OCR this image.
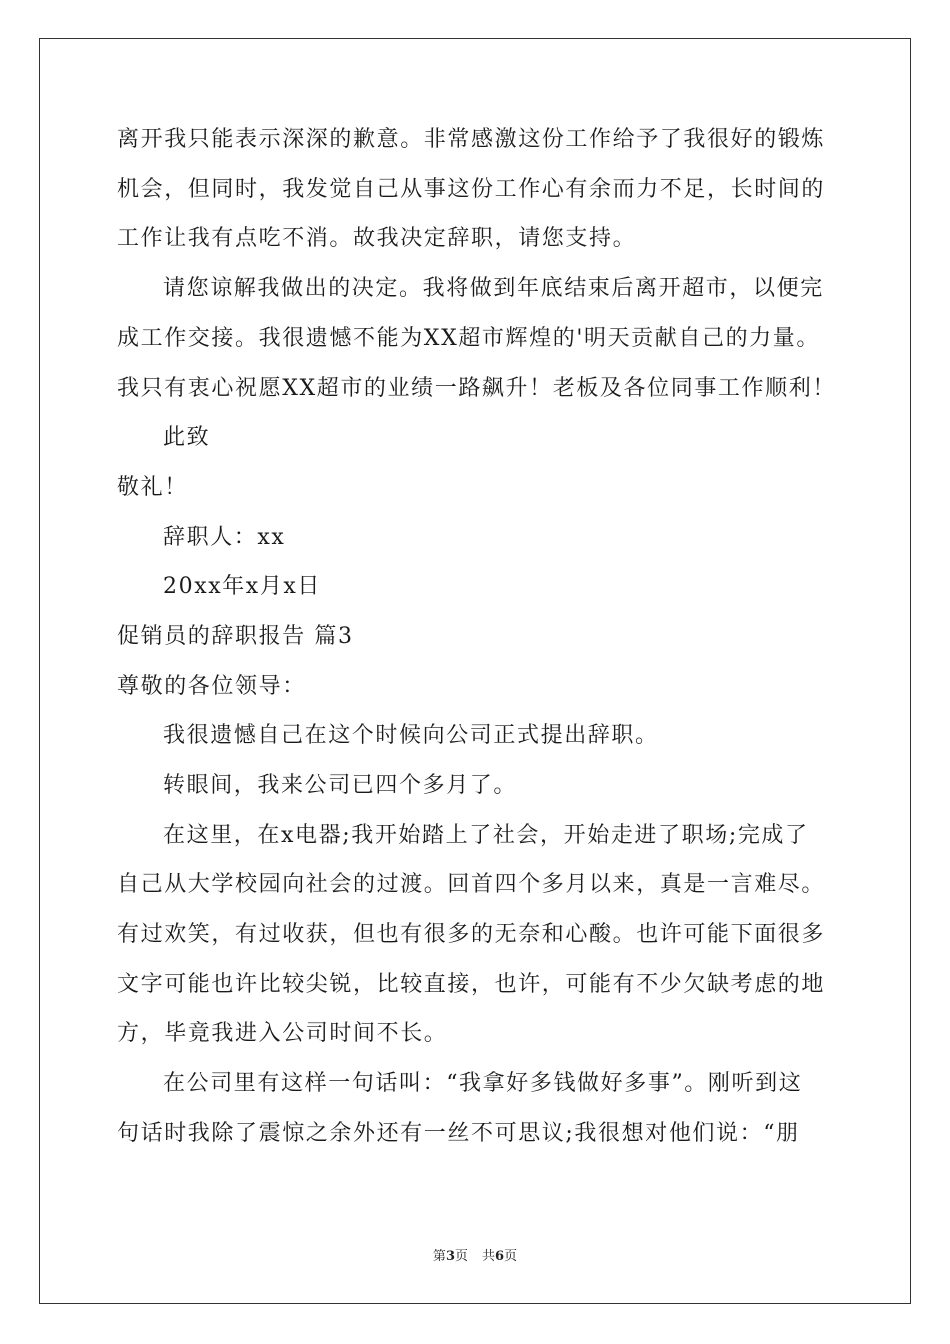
离开我只能表示深深的歉意。非常感激这份工作给予了我很好的锻炼
机会，但同时，我发觉自己从事这份工作心有余而力不足，长时间的
工作让我有点吃不消。故我决定辞职，请您支持。
请您谅解我做出的决定。我将做到年底结束后离开超市，以便完
成工作交接。我很遗憾不能为XX超市辉煌的'明天贡献自己的力量。
我只有衷心祝愿XX超市的业绩一路飙升！老板及各位同事工作顺利！
此致
敬礼！
辞职人：xx
20xx年x月x日
促销员的辞职报告 篇3
尊敬的各位领导：
我很遗憾自己在这个时候向公司正式提出辞职。
转眼间，我来公司已四个多月了。
在这里，在x电器;我开始踏上了社会，开始走进了职场;完成了
自己从大学校园向社会的过渡。回首四个多月以来，真是一言难尽。
有过欢笑，有过收获，但也有很多的无奈和心酸。也许可能下面很多
文字可能也许比较尖锐，比较直接，也许，可能有不少欠缺考虑的地
方，毕竟我进入公司时间不长。
在公司里有这样一句话叫：“我拿好多钱做好多事”。刚听到这
句话时我除了震惊之余外还有一丝不可思议;我很想对他们说：“朋
第3页 共6页
